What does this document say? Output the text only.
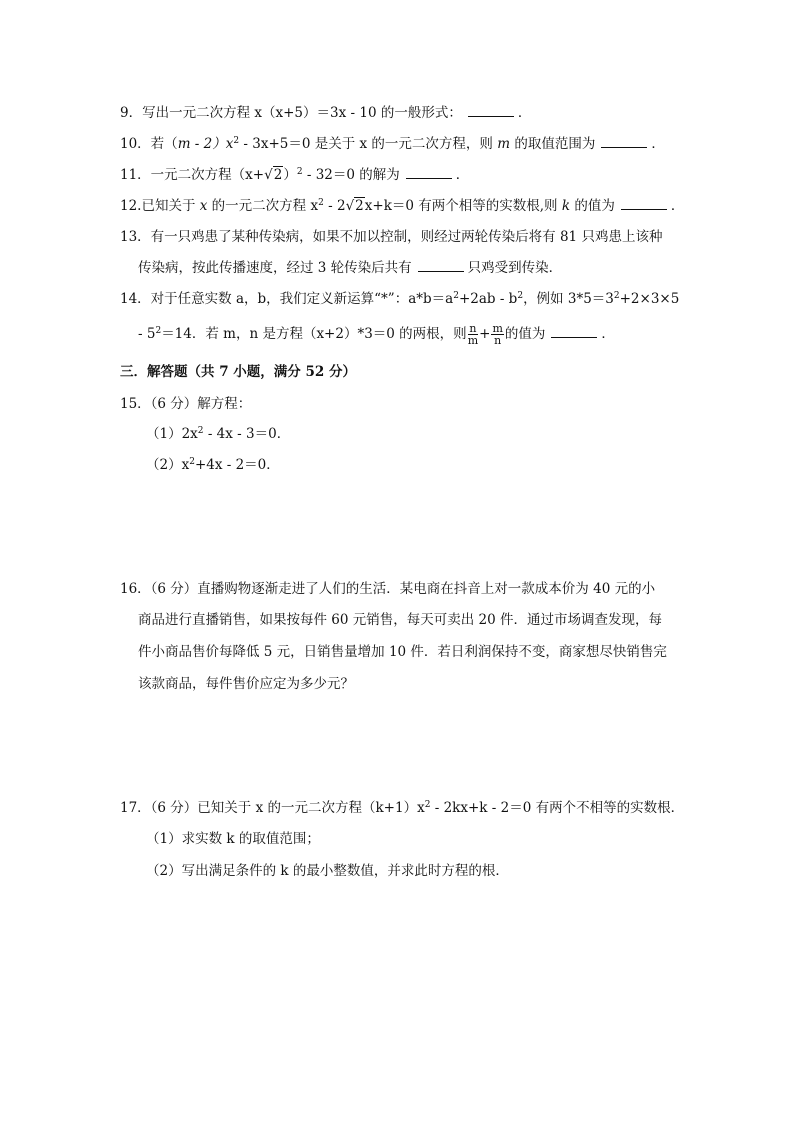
9．写出一元二次方程 x（x+5）＝3x - 10 的一般形式：	．
10．若$(m - 2)x^2 - 3x+5=0$ 是关于 x 的一元二次方程，则 m 的取值范围为	．
11．一元二次方程$(x+√2)^2 - 32=0$ 的解为	．
12.已知关于 x 的一元二次方程 $x^2 - 2√2x+k=0$ 有两个相等的实数根,则 k 的值为	．
13．有一只鸡患了某种传染病，如果不加以控制，则经过两轮传染后将有 81 只鸡患上该种
传染病，按此传播速度，经过 3 轮传染后共有	只鸡受到传染．
14．对于任意实数 a，b，我们定义新运算“*”：$a*b=a^2+2ab - b^2$，例如 $3*5=3^2+2\times 3\times 5$
- $5^2=14$．若 m，n 是方程（x+2）*3＝0 的两根，则 $\frac{n}{m} + \frac{m}{n}$ 的值为	．
三．解答题（共 7 小题，满分 52 分）
15．（6 分）解方程：
$(1)2x^2 - 4x - 3=0$．
$(2)x^2+4x - 2=0$．
16．（6 分）直播购物逐渐走进了人们的生活．某电商在抖音上对一款成本价为 40 元的小
商品进行直播销售，如果按每件 60 元销售，每天可卖出 20 件．通过市场调查发现，每
件小商品售价每降低 5 元，日销售量增加 10 件．若日利润保持不变，商家想尽快销售完
该款商品，每件售价应定为多少元？
17．（6 分）已知关于 x 的一元二次方程$(k+1)x^2 - 2kx+k - 2=0$ 有两个不相等的实数根．
（1）求实数 k 的取值范围；
（2）写出满足条件的 k 的最小整数值，并求此时方程的根．
